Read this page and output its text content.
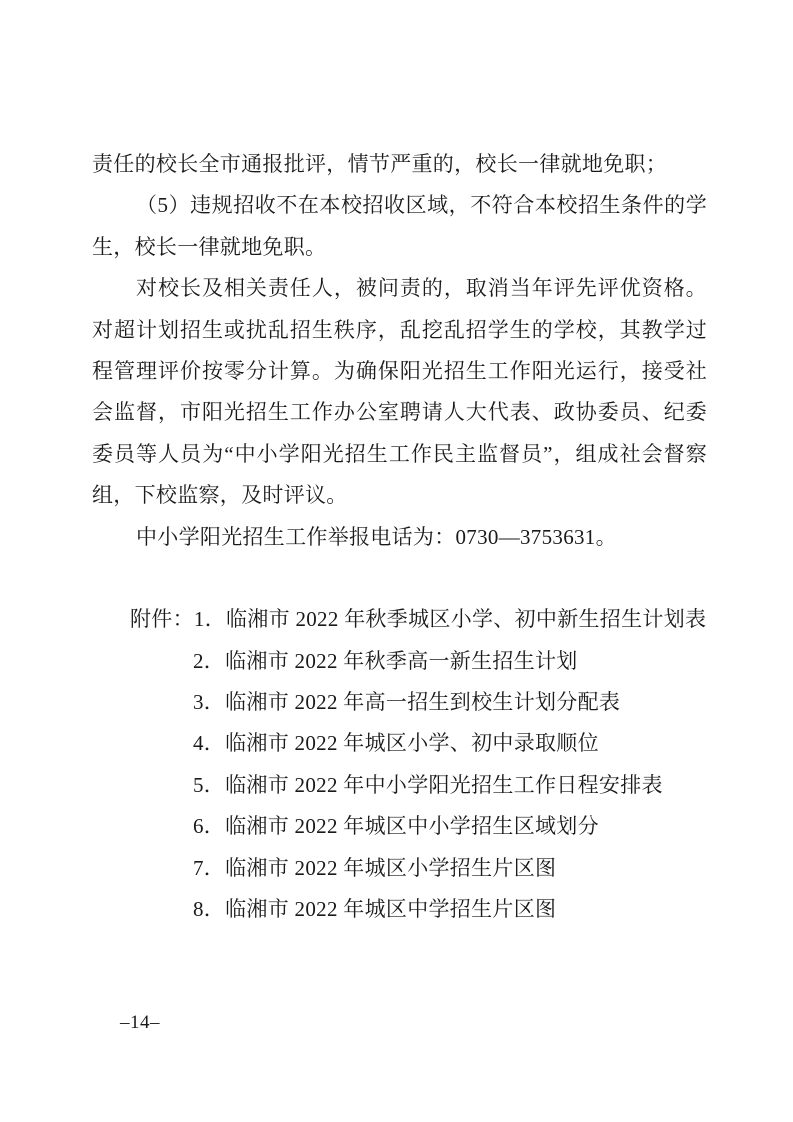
责任的校长全市通报批评，情节严重的，校长一律就地免职；

（5）违规招收不在本校招收区域，不符合本校招生条件的学

生，校长一律就地免职。

对校长及相关责任人，被问责的，取消当年评先评优资格。

对超计划招生或扰乱招生秩序，乱挖乱招学生的学校，其教学过

程管理评价按零分计算。为确保阳光招生工作阳光运行，接受社

会监督，市阳光招生工作办公室聘请人大代表、政协委员、纪委

委员等人员为“中小学阳光招生工作民主监督员”，组成社会督察

组，下校监察，及时评议。

中小学阳光招生工作举报电话为：0730—3753631。

附件：1．临湘市 2022 年秋季城区小学、初中新生招生计划表

2．临湘市 2022 年秋季高一新生招生计划

3．临湘市 2022 年高一招生到校生计划分配表

4．临湘市 2022 年城区小学、初中录取顺位

5．临湘市 2022 年中小学阳光招生工作日程安排表

6．临湘市 2022 年城区中小学招生区域划分

7．临湘市 2022 年城区小学招生片区图

8．临湘市 2022 年城区中学招生片区图

–14–
